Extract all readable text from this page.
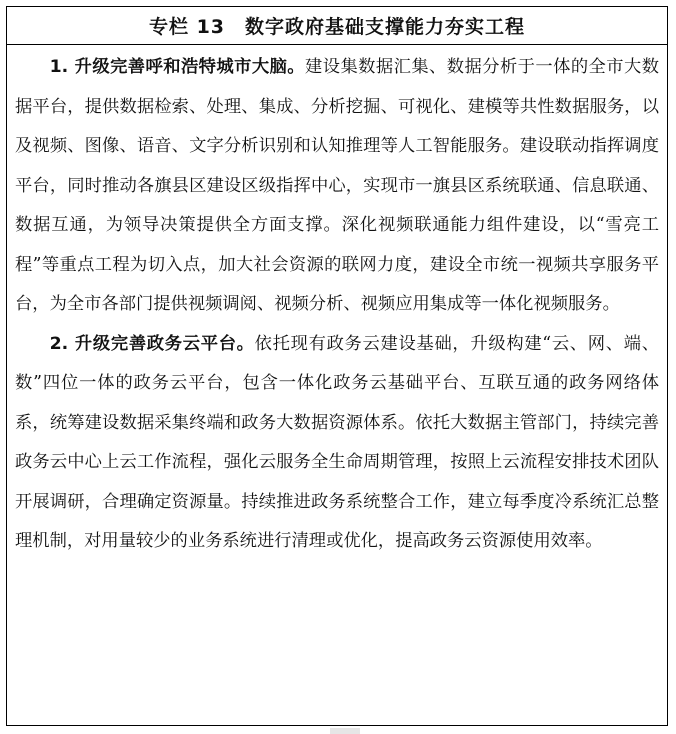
专栏 13　数字政府基础支撑能力夯实工程

1. 升级完善呼和浩特城市大脑。建设集数据汇集、数据分析于一体的全市大数据平台，提供数据检索、处理、集成、分析挖掘、可视化、建模等共性数据服务，以及视频、图像、语音、文字分析识别和认知推理等人工智能服务。建设联动指挥调度平台，同时推动各旗县区建设区级指挥中心，实现市一旗县区系统联通、信息联通、数据互通，为领导决策提供全方面支撑。深化视频联通能力组件建设，以“雪亮工程”等重点工程为切入点，加大社会资源的联网力度，建设全市统一视频共享服务平台，为全市各部门提供视频调阅、视频分析、视频应用集成等一体化视频服务。

2. 升级完善政务云平台。依托现有政务云建设基础，升级构建“云、网、端、数”四位一体的政务云平台，包含一体化政务云基础平台、互联互通的政务网络体系，统筹建设数据采集终端和政务大数据资源体系。依托大数据主管部门，持续完善政务云中心上云工作流程，强化云服务全生命周期管理，按照上云流程安排技术团队开展调研，合理确定资源量。持续推进政务系统整合工作，建立每季度冷系统汇总整理机制，对用量较少的业务系统进行清理或优化，提高政务云资源使用效率。
